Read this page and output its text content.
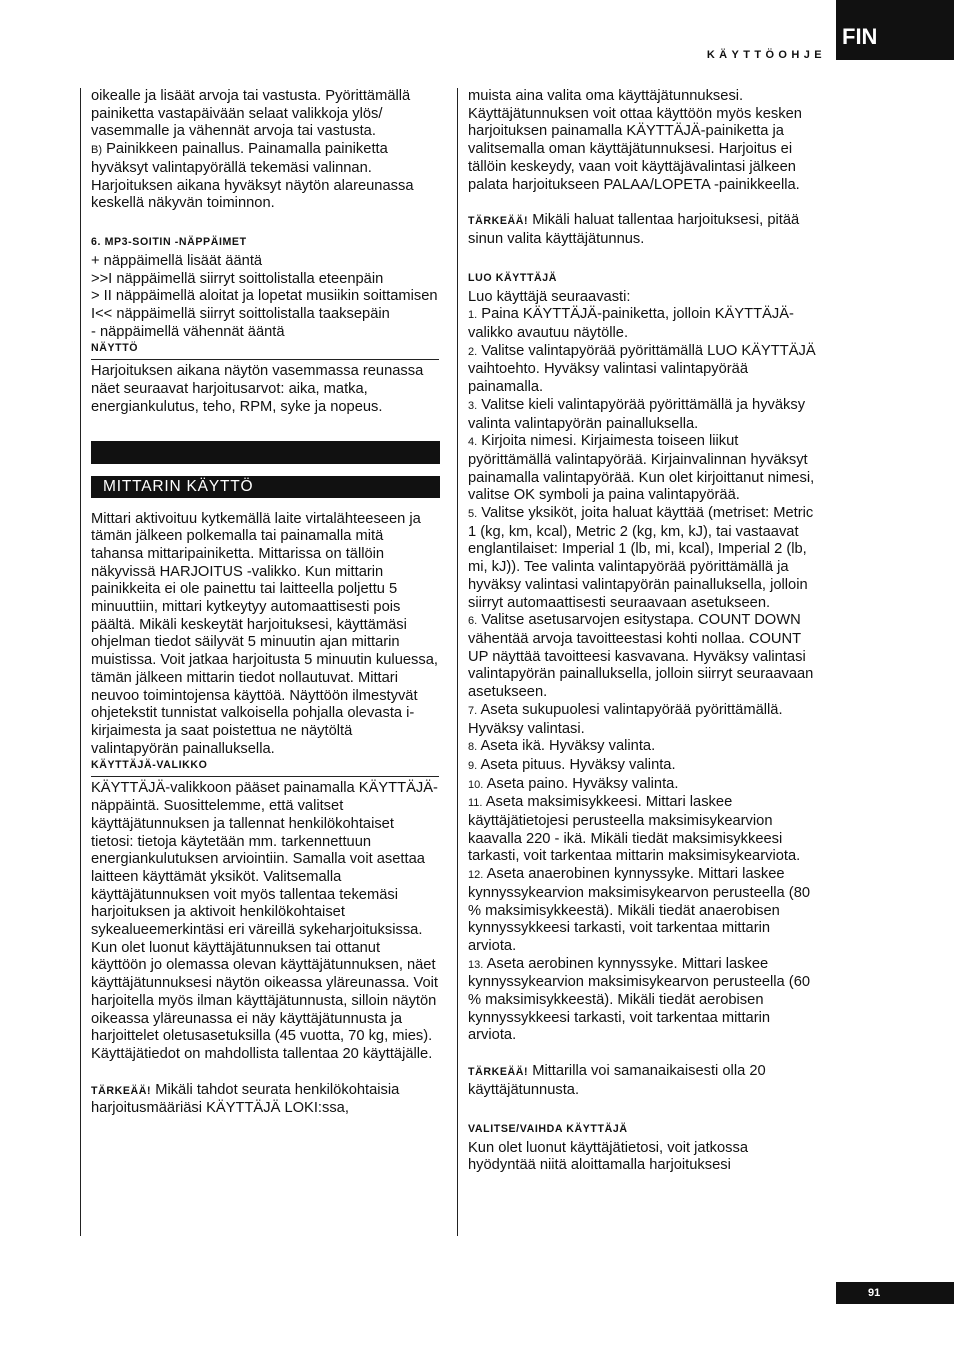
KÄYTTÖOHJE
FIN

oikealle ja lisäät arvoja tai vastusta. Pyörittämällä painiketta vastapäivään selaat valikkoja ylös/ vasemmalle ja vähennät arvoja tai vastusta.

B) Painikkeen painallus. Painamalla painiketta hyväksyt valintapyörällä tekemäsi valinnan. Harjoituksen aikana hyväksyt näytön alareunassa keskellä näkyvän toiminnon.

6. MP3-SOITIN -NÄPPÄIMET

+ näppäimellä lisäät ääntä

>>I näppäimellä siirryt soittolistalla eteenpäin

> II näppäimellä aloitat ja lopetat musiikin soittamisen

I<< näppäimellä siirryt soittolistalla taaksepäin

- näppäimellä vähennät ääntä

NÄYTTÖ

Harjoituksen aikana näytön vasemmassa reunassa näet seuraavat harjoitusarvot: aika, matka, energiankulutus, teho, RPM, syke ja nopeus.

MITTARIN KÄYTTÖ

Mittari aktivoituu kytkemällä laite virtalähteeseen ja tämän jälkeen polkemalla tai painamalla mitä tahansa mittaripainiketta. Mittarissa on tällöin näkyvissä HARJOITUS -valikko. Kun mittarin painikkeita ei ole painettu tai laitteella poljettu 5 minuuttiin, mittari kytkeytyy automaattisesti pois päältä. Mikäli keskeytät harjoituksesi, käyttämäsi ohjelman tiedot säilyvät 5 minuutin ajan mittarin muistissa. Voit jatkaa harjoitusta 5 minuutin kuluessa, tämän jälkeen mittarin tiedot nollautuvat. Mittari neuvoo toimintojensa käyttöä. Näyttöön ilmestyvät ohjetekstit tunnistat valkoisella pohjalla olevasta i-kirjaimesta ja saat poistettua ne näytöltä valintapyörän painalluksella.

KÄYTTÄJÄ-VALIKKO

KÄYTTÄJÄ-valikkoon pääset painamalla KÄYTTÄJÄ-näppäintä. Suosittelemme, että valitset käyttäjätunnuksen ja tallennat henkilökohtaiset tietosi: tietoja käytetään mm. tarkennettuun energiankulutuksen arviointiin. Samalla voit asettaa laitteen käyttämät yksiköt. Valitsemalla käyttäjätunnuksen voit myös tallentaa tekemäsi harjoituksen ja aktivoit henkilökohtaiset sykealueemerkintäsi eri väreillä sykeharjoituksissa. Kun olet luonut käyttäjätunnuksen tai ottanut käyttöön jo olemassa olevan käyttäjätunnuksen, näet käyttäjätunnuksesi näytön oikeassa yläreunassa. Voit harjoitella myös ilman käyttäjätunnusta, silloin näytön oikeassa yläreunassa ei näy käyttäjätunnusta ja harjoittelet oletusasetuksilla (45 vuotta, 70 kg, mies). Käyttäjätiedot on mahdollista tallentaa 20 käyttäjälle.

TÄRKEÄÄ! Mikäli tahdot seurata henkilökohtaisia harjoitusmääriäsi KÄYTTÄJÄ LOKI:ssa,

muista aina valita oma käyttäjätunnuksesi. Käyttäjätunnuksen voit ottaa käyttöön myös kesken harjoituksen painamalla KÄYTTÄJÄ-painiketta ja valitsemalla oman käyttäjätunnuksesi. Harjoitus ei tällöin keskeydy, vaan voit käyttäjävalintasi jälkeen palata harjoitukseen PALAA/LOPETA -painikkeella.

TÄRKEÄÄ! Mikäli haluat tallentaa harjoituksesi, pitää sinun valita käyttäjätunnus.

LUO KÄYTTÄJÄ

Luo käyttäjä seuraavasti:

1. Paina KÄYTTÄJÄ-painiketta, jolloin KÄYTTÄJÄ-valikko avautuu näytölle.

2. Valitse valintapyörää pyörittämällä LUO KÄYTTÄJÄ vaihtoehto. Hyväksy valintasi valintapyörää painamalla.

3. Valitse kieli valintapyörää pyörittämällä ja hyväksy valinta valintapyörän painalluksella.

4. Kirjoita nimesi. Kirjaimesta toiseen liikut pyörittämällä valintapyörää. Kirjainvalinnan hyväksyt painamalla valintapyörää. Kun olet kirjoittanut nimesi, valitse OK symboli ja paina valintapyörää.

5. Valitse yksiköt, joita haluat käyttää (metriset: Metric 1 (kg, km, kcal), Metric 2 (kg, km, kJ), tai vastaavat englantilaiset: Imperial 1 (lb, mi, kcal), Imperial 2 (lb, mi, kJ)). Tee valinta valintapyörää pyörittämällä ja hyväksy valintasi valintapyörän painalluksella, jolloin siirryt automaattisesti seuraavaan asetukseen.

6. Valitse asetusarvojen esitystapa. COUNT DOWN vähentää arvoja tavoitteestasi kohti nollaa. COUNT UP näyttää tavoitteesi kasvavana. Hyväksy valintasi valintapyörän painalluksella, jolloin siirryt seuraavaan asetukseen.

7. Aseta sukupuolesi valintapyörää pyörittämällä. Hyväksy valintasi.

8. Aseta ikä. Hyväksy valinta.

9. Aseta pituus. Hyväksy valinta.

10. Aseta paino. Hyväksy valinta.

11. Aseta maksimisykkeesi. Mittari laskee käyttäjätietojesi perusteella maksimisykearvion kaavalla 220 - ikä. Mikäli tiedät maksimisykkeesi tarkasti, voit tarkentaa mittarin maksimisykearviota.

12. Aseta anaerobinen kynnyssyke. Mittari laskee kynnyssykearvion maksimisykearvon perusteella (80 % maksimisykkeestä). Mikäli tiedät anaerobisen kynnyssykkeesi tarkasti, voit tarkentaa mittarin arviota.

13. Aseta aerobinen kynnyssyke. Mittari laskee kynnyssykearvion maksimisykearvon perusteella (60 % maksimisykkeestä). Mikäli tiedät aerobisen kynnyssykkeesi tarkasti, voit tarkentaa mittarin arviota.

TÄRKEÄÄ! Mittarilla voi samanaikaisesti olla 20 käyttäjätunnusta.

VALITSE/VAIHDA KÄYTTÄJÄ

Kun olet luonut käyttäjätietosi, voit jatkossa hyödyntää niitä aloittamalla harjoituksesi

91
